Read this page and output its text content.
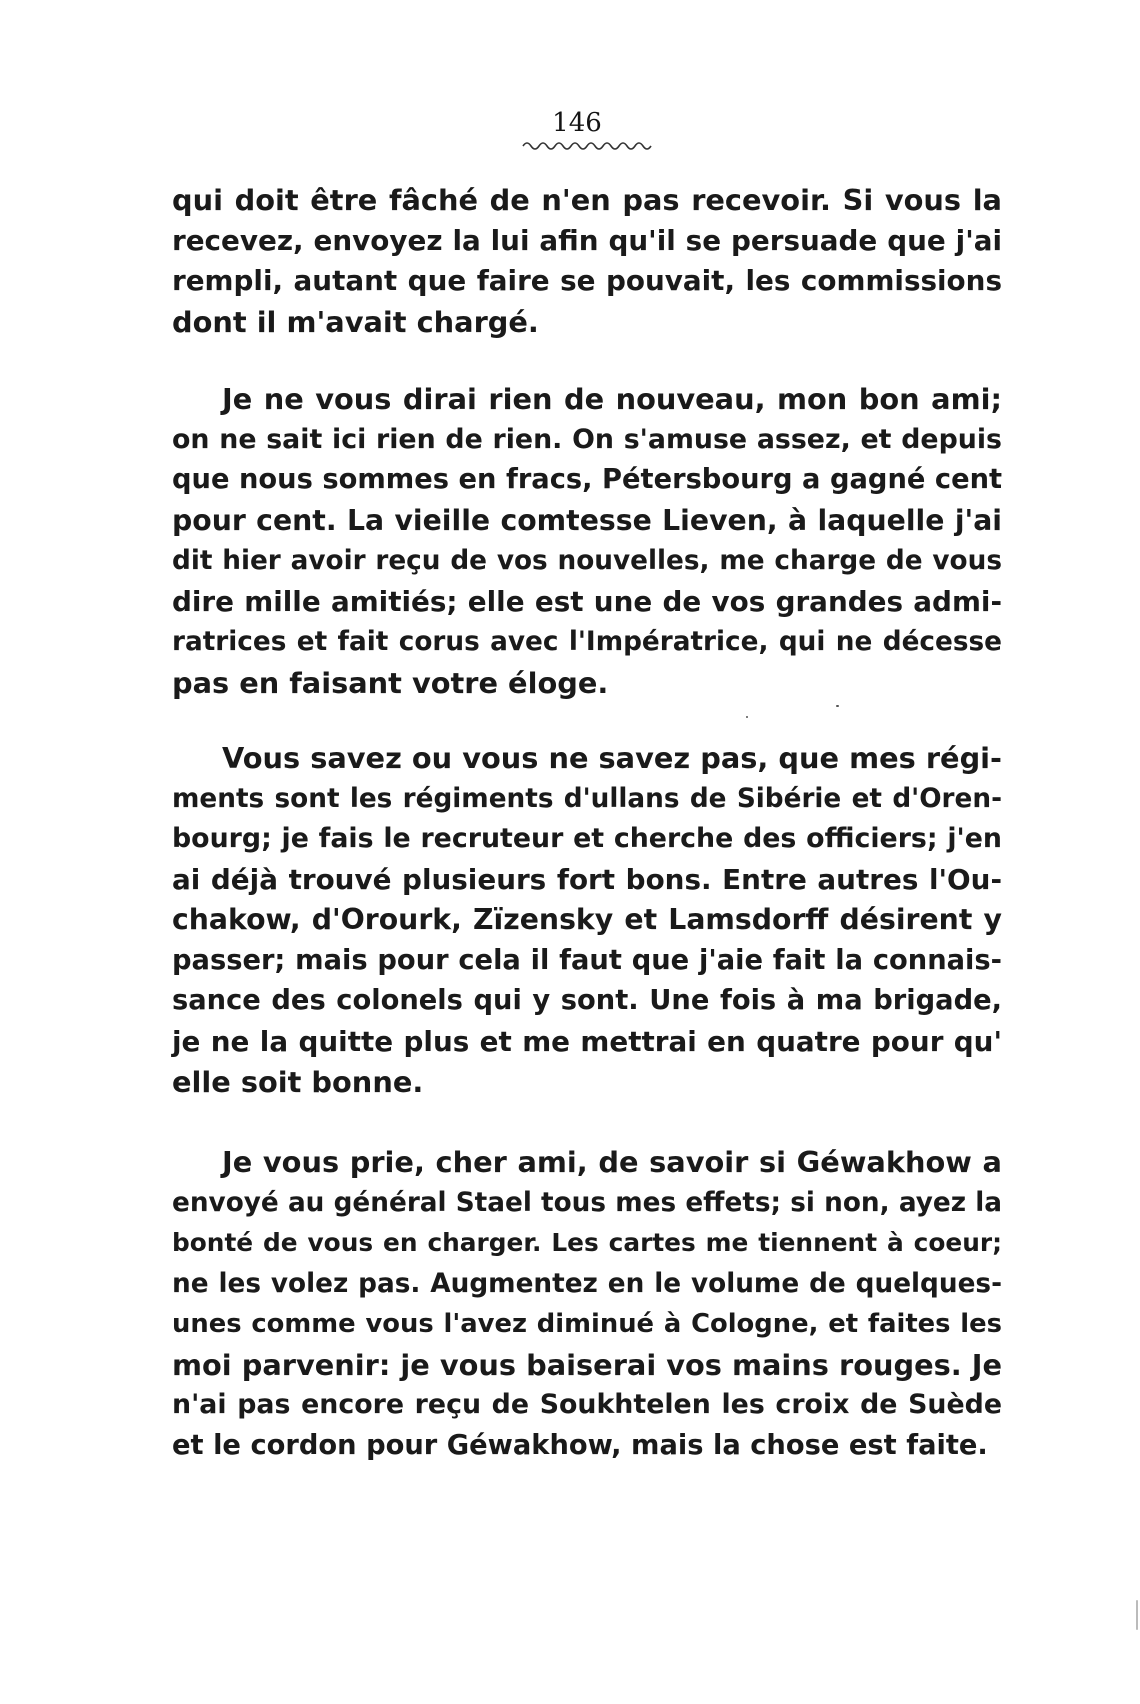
146
qui doit être fâché de n'en pas recevoir. Si vous la
recevez, envoyez la lui afin qu'il se persuade que j'ai
rempli, autant que faire se pouvait, les commissions
dont il m'avait chargé.
Je ne vous dirai rien de nouveau, mon bon ami;
on ne sait ici rien de rien. On s'amuse assez, et depuis
que nous sommes en fracs, Pétersbourg a gagné cent
pour cent. La vieille comtesse Lieven, à laquelle j'ai
dit hier avoir reçu de vos nouvelles, me charge de vous
dire mille amitiés; elle est une de vos grandes admi-
ratrices et fait corus avec l'Impératrice, qui ne décesse
pas en faisant votre éloge.
Vous savez ou vous ne savez pas, que mes régi-
ments sont les régiments d'ullans de Sibérie et d'Oren-
bourg; je fais le recruteur et cherche des officiers; j'en
ai déjà trouvé plusieurs fort bons. Entre autres l'Ou-
chakow, d'Orourk, Zïzensky et Lamsdorff désirent y
passer; mais pour cela il faut que j'aie fait la connais-
sance des colonels qui y sont. Une fois à ma brigade,
je ne la quitte plus et me mettrai en quatre pour qu'
elle soit bonne.
Je vous prie, cher ami, de savoir si Géwakhow a
envoyé au général Stael tous mes effets; si non, ayez la
bonté de vous en charger. Les cartes me tiennent à coeur;
ne les volez pas. Augmentez en le volume de quelques-
unes comme vous l'avez diminué à Cologne, et faites les
moi parvenir: je vous baiserai vos mains rouges. Je
n'ai pas encore reçu de Soukhtelen les croix de Suède
et le cordon pour Géwakhow, mais la chose est faite.
